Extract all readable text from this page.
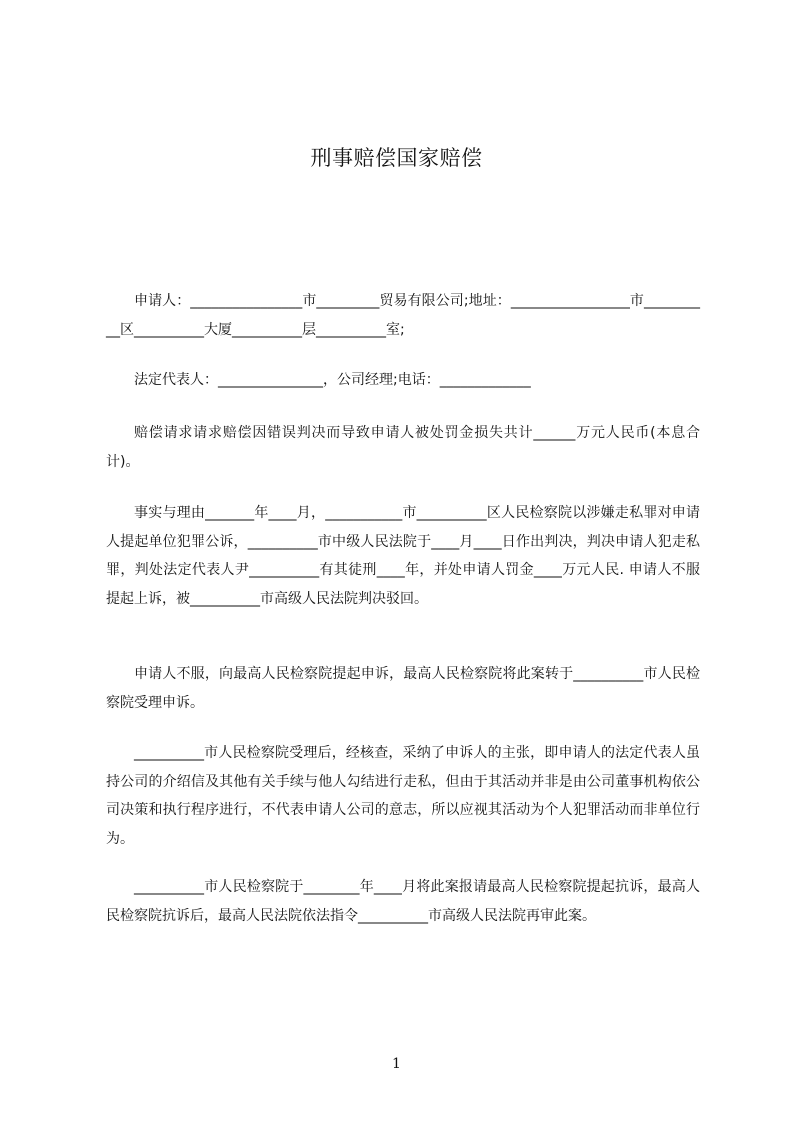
刑事赔偿国家赔偿

申请人：________________市_________贸易有限公司;地址：_________________市__________区__________大厦__________层__________室;

法定代表人：_______________，公司经理;电话：_____________

赔偿请求请求赔偿因错误判决而导致申请人被处罚金损失共计______万元人民币(本息合计)。

事实与理由_______年____月，___________市__________区人民检察院以涉嫌走私罪对申请人提起单位犯罪公诉，__________市中级人民法院于____月____日作出判决，判决申请人犯走私罪，判处法定代表人尹__________有其徒刑____年，并处申请人罚金____万元人民. 申请人不服提起上诉，被__________市高级人民法院判决驳回。

申请人不服，向最高人民检察院提起申诉，最高人民检察院将此案转于__________市人民检察院受理申诉。

__________市人民检察院受理后，经核查，采纳了申诉人的主张，即申请人的法定代表人虽持公司的介绍信及其他有关手续与他人勾结进行走私，但由于其活动并非是由公司董事机构依公司决策和执行程序进行，不代表申请人公司的意志，所以应视其活动为个人犯罪活动而非单位行为。

__________市人民检察院于________年____月将此案报请最高人民检察院提起抗诉，最高人民检察院抗诉后，最高人民法院依法指令__________市高级人民法院再审此案。

1
